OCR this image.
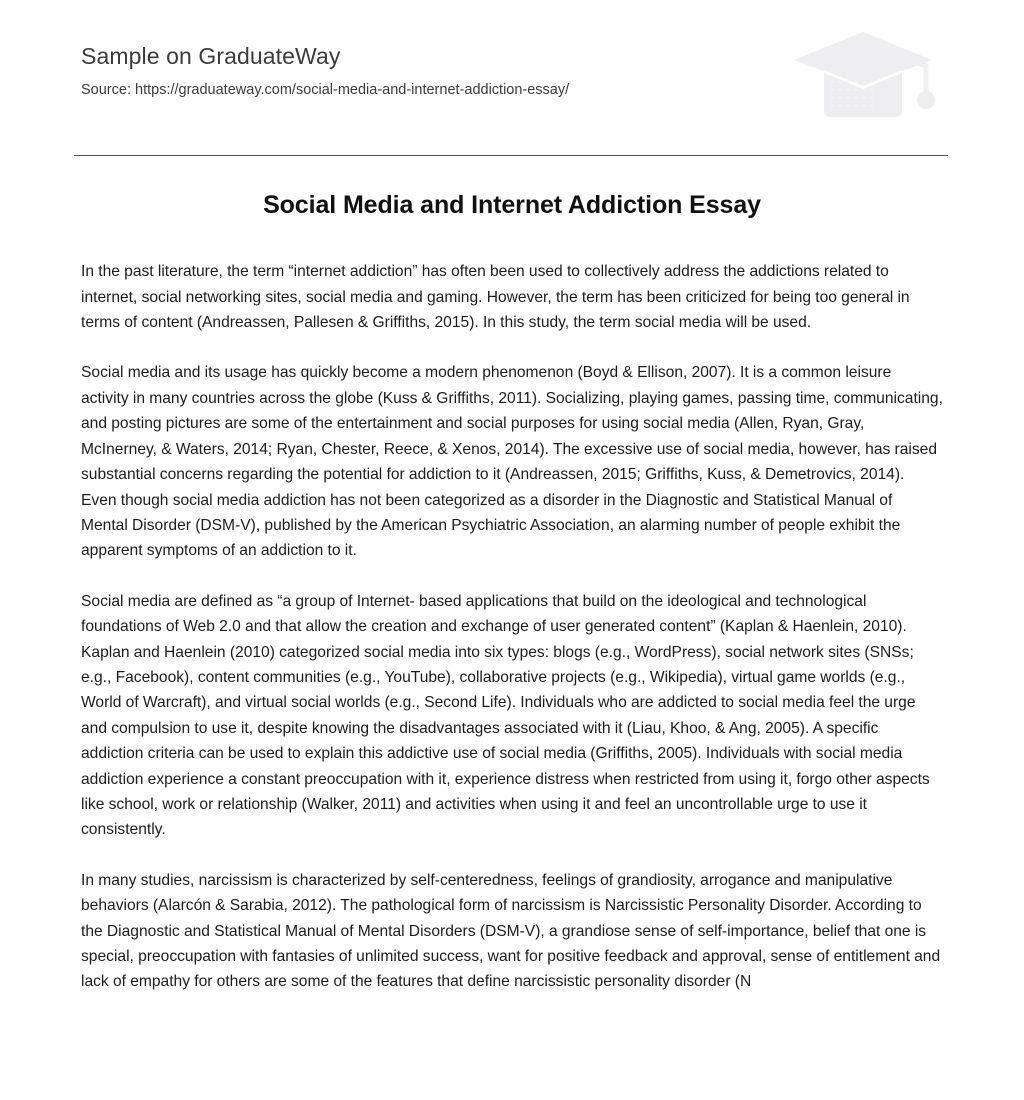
Sample on GraduateWay
Source: https://graduateway.com/social-media-and-internet-addiction-essay/
Social Media and Internet Addiction Essay

In the past literature, the term “internet addiction” has often been used to collectively address the addictions related to internet, social networking sites, social media and gaming. However, the term has been criticized for being too general in terms of content (Andreassen, Pallesen & Griffiths, 2015). In this study, the term social media will be used.

Social media and its usage has quickly become a modern phenomenon (Boyd & Ellison, 2007). It is a common leisure activity in many countries across the globe (Kuss & Griffiths, 2011). Socializing, playing games, passing time, communicating, and posting pictures are some of the entertainment and social purposes for using social media (Allen, Ryan, Gray, McInerney, & Waters, 2014; Ryan, Chester, Reece, & Xenos, 2014). The excessive use of social media, however, has raised substantial concerns regarding the potential for addiction to it (Andreassen, 2015; Griffiths, Kuss, & Demetrovics, 2014). Even though social media addiction has not been categorized as a disorder in the Diagnostic and Statistical Manual of Mental Disorder (DSM-V), published by the American Psychiatric Association, an alarming number of people exhibit the apparent symptoms of an addiction to it.

Social media are defined as “a group of Internet- based applications that build on the ideological and technological foundations of Web 2.0 and that allow the creation and exchange of user generated content” (Kaplan & Haenlein, 2010). Kaplan and Haenlein (2010) categorized social media into six types: blogs (e.g., WordPress), social network sites (SNSs; e.g., Facebook), content communities (e.g., YouTube), collaborative projects (e.g., Wikipedia), virtual game worlds (e.g., World of Warcraft), and virtual social worlds (e.g., Second Life). Individuals who are addicted to social media feel the urge and compulsion to use it, despite knowing the disadvantages associated with it (Liau, Khoo, & Ang, 2005). A specific addiction criteria can be used to explain this addictive use of social media (Griffiths, 2005). Individuals with social media addiction experience a constant preoccupation with it, experience distress when restricted from using it, forgo other aspects like school, work or relationship (Walker, 2011) and activities when using it and feel an uncontrollable urge to use it consistently.

In many studies, narcissism is characterized by self-centeredness, feelings of grandiosity, arrogance and manipulative behaviors (Alarcón & Sarabia, 2012). The pathological form of narcissism is Narcissistic Personality Disorder. According to the Diagnostic and Statistical Manual of Mental Disorders (DSM-V), a grandiose sense of self-importance, belief that one is special, preoccupation with fantasies of unlimited success, want for positive feedback and approval, sense of entitlement and lack of empathy for others are some of the features that define narcissistic personality disorder (N
